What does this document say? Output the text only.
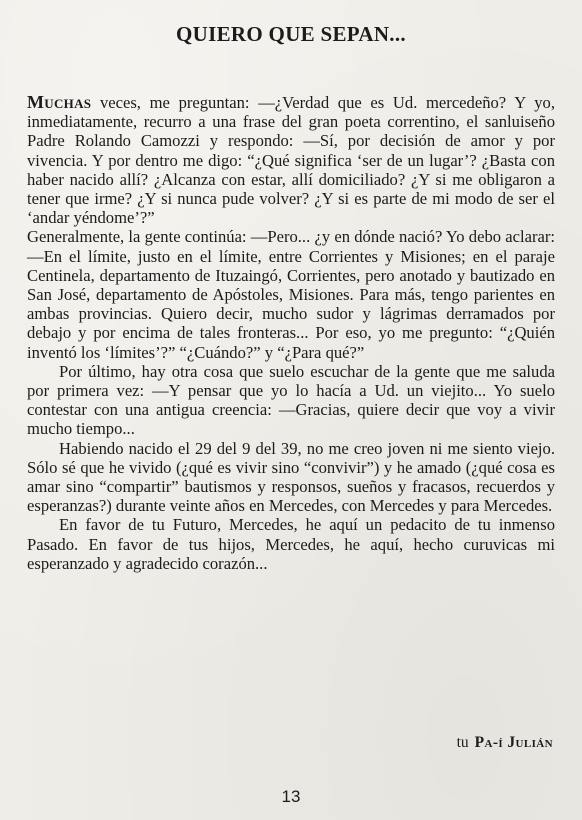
QUIERO QUE SEPAN...

Muchas veces, me preguntan: —¿Verdad que es Ud. mercedeño? Y yo, inmediatamente, recurro a una frase del gran poeta correntino, el sanluiseño Padre Rolando Camozzi y respondo: —Sí, por decisión de amor y por vivencia. Y por dentro me digo: “¿Qué significa ‘ser de un lugar’? ¿Basta con haber nacido allí? ¿Alcanza con estar, allí domiciliado? ¿Y si me obligaron a tener que irme? ¿Y si nunca pude volver? ¿Y si es parte de mi modo de ser el ‘andar yéndome’?”

Generalmente, la gente continúa: —Pero... ¿y en dónde nació? Yo debo aclarar: —En el límite, justo en el límite, entre Corrientes y Misiones; en el paraje Centinela, departamento de Ituzaingó, Corrientes, pero anotado y bautizado en San José, departamento de Apóstoles, Misiones. Para más, tengo parientes en ambas provincias. Quiero decir, mucho sudor y lágrimas derramados por debajo y por encima de tales fronteras... Por eso, yo me pregunto: “¿Quién inventó los ‘límites’?” “¿Cuándo?” y “¿Para qué?”

Por último, hay otra cosa que suelo escuchar de la gente que me saluda por primera vez: —Y pensar que yo lo hacía a Ud. un viejito... Yo suelo contestar con una antigua creencia: —Gracias, quiere decir que voy a vivir mucho tiempo...

Habiendo nacido el 29 del 9 del 39, no me creo joven ni me siento viejo. Sólo sé que he vivido (¿qué es vivir sino “convivir”) y he amado (¿qué cosa es amar sino “compartir” bautismos y responsos, sueños y fracasos, recuerdos y esperanzas?) durante veinte años en Mercedes, con Mercedes y para Mercedes.

En favor de tu Futuro, Mercedes, he aquí un pedacito de tu inmenso Pasado. En favor de tus hijos, Mercedes, he aquí, hecho curuvicas mi esperanzado y agradecido corazón...

tu Pa-í Julián
13
